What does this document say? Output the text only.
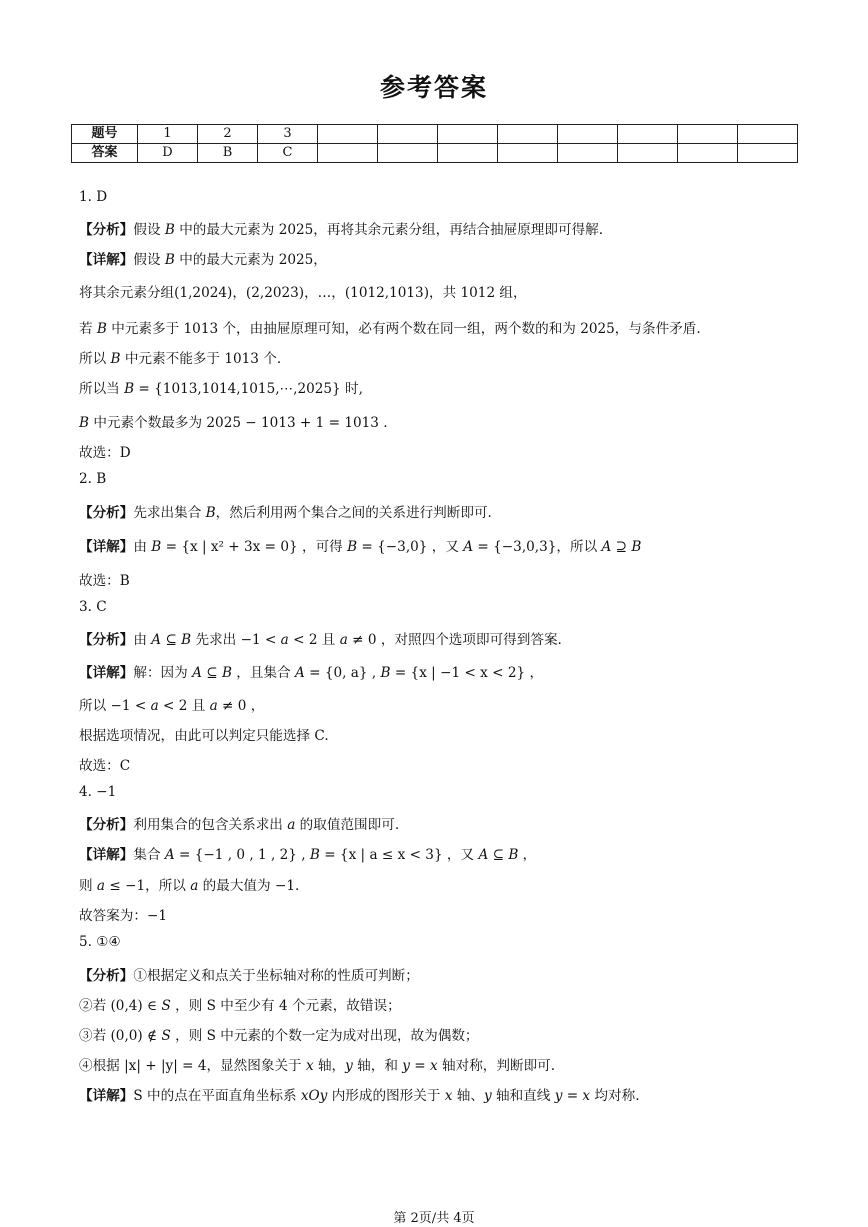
参考答案
题号	1	2	3								
答案	D	B	C								
1. D
【分析】假设 B 中的最大元素为 2025，再将其余元素分组，再结合抽屉原理即可得解.
【详解】假设 B 中的最大元素为 2025，
将其余元素分组(1,2024)，(2,2023)，…，(1012,1013)，共 1012 组，
若 B 中元素多于 1013 个，由抽屉原理可知，必有两个数在同一组，两个数的和为 2025，与条件矛盾.
所以 B 中元素不能多于 1013 个.
所以当 B = {1013,1014,1015,⋯,2025} 时,
B 中元素个数最多为 2025 − 1013 + 1 = 1013 .
故选：D
2. B
【分析】先求出集合 B，然后利用两个集合之间的关系进行判断即可.
【详解】由 B = {x | x² + 3x = 0} ，可得 B = {−3,0} ，又 A = {−3,0,3}，所以 A ⊇ B
故选：B
3. C
【分析】由 A ⊆ B 先求出 −1 < a < 2 且 a ≠ 0 ，对照四个选项即可得到答案.
【详解】解：因为 A ⊆ B ，且集合 A = {0, a} , B = {x | −1 < x < 2} ，
所以 −1 < a < 2 且 a ≠ 0 ，
根据选项情况，由此可以判定只能选择 C.
故选：C
4. −1
【分析】利用集合的包含关系求出 a 的取值范围即可.
【详解】集合 A = {−1 , 0 , 1 , 2} , B = {x | a ≤ x < 3} ，又 A ⊆ B ，
则 a ≤ −1，所以 a 的最大值为 −1.
故答案为：−1
5. ①④
【分析】①根据定义和点关于坐标轴对称的性质可判断；
②若 (0,4) ∈ S ，则 S 中至少有 4 个元素，故错误；
③若 (0,0) ∉ S ，则 S 中元素的个数一定为成对出现，故为偶数；
④根据 |x| + |y| = 4，显然图象关于 x 轴，y 轴，和 y = x 轴对称，判断即可.
【详解】S 中的点在平面直角坐标系 xOy 内形成的图形关于 x 轴、y 轴和直线 y = x 均对称.
第 2页/共 4页
